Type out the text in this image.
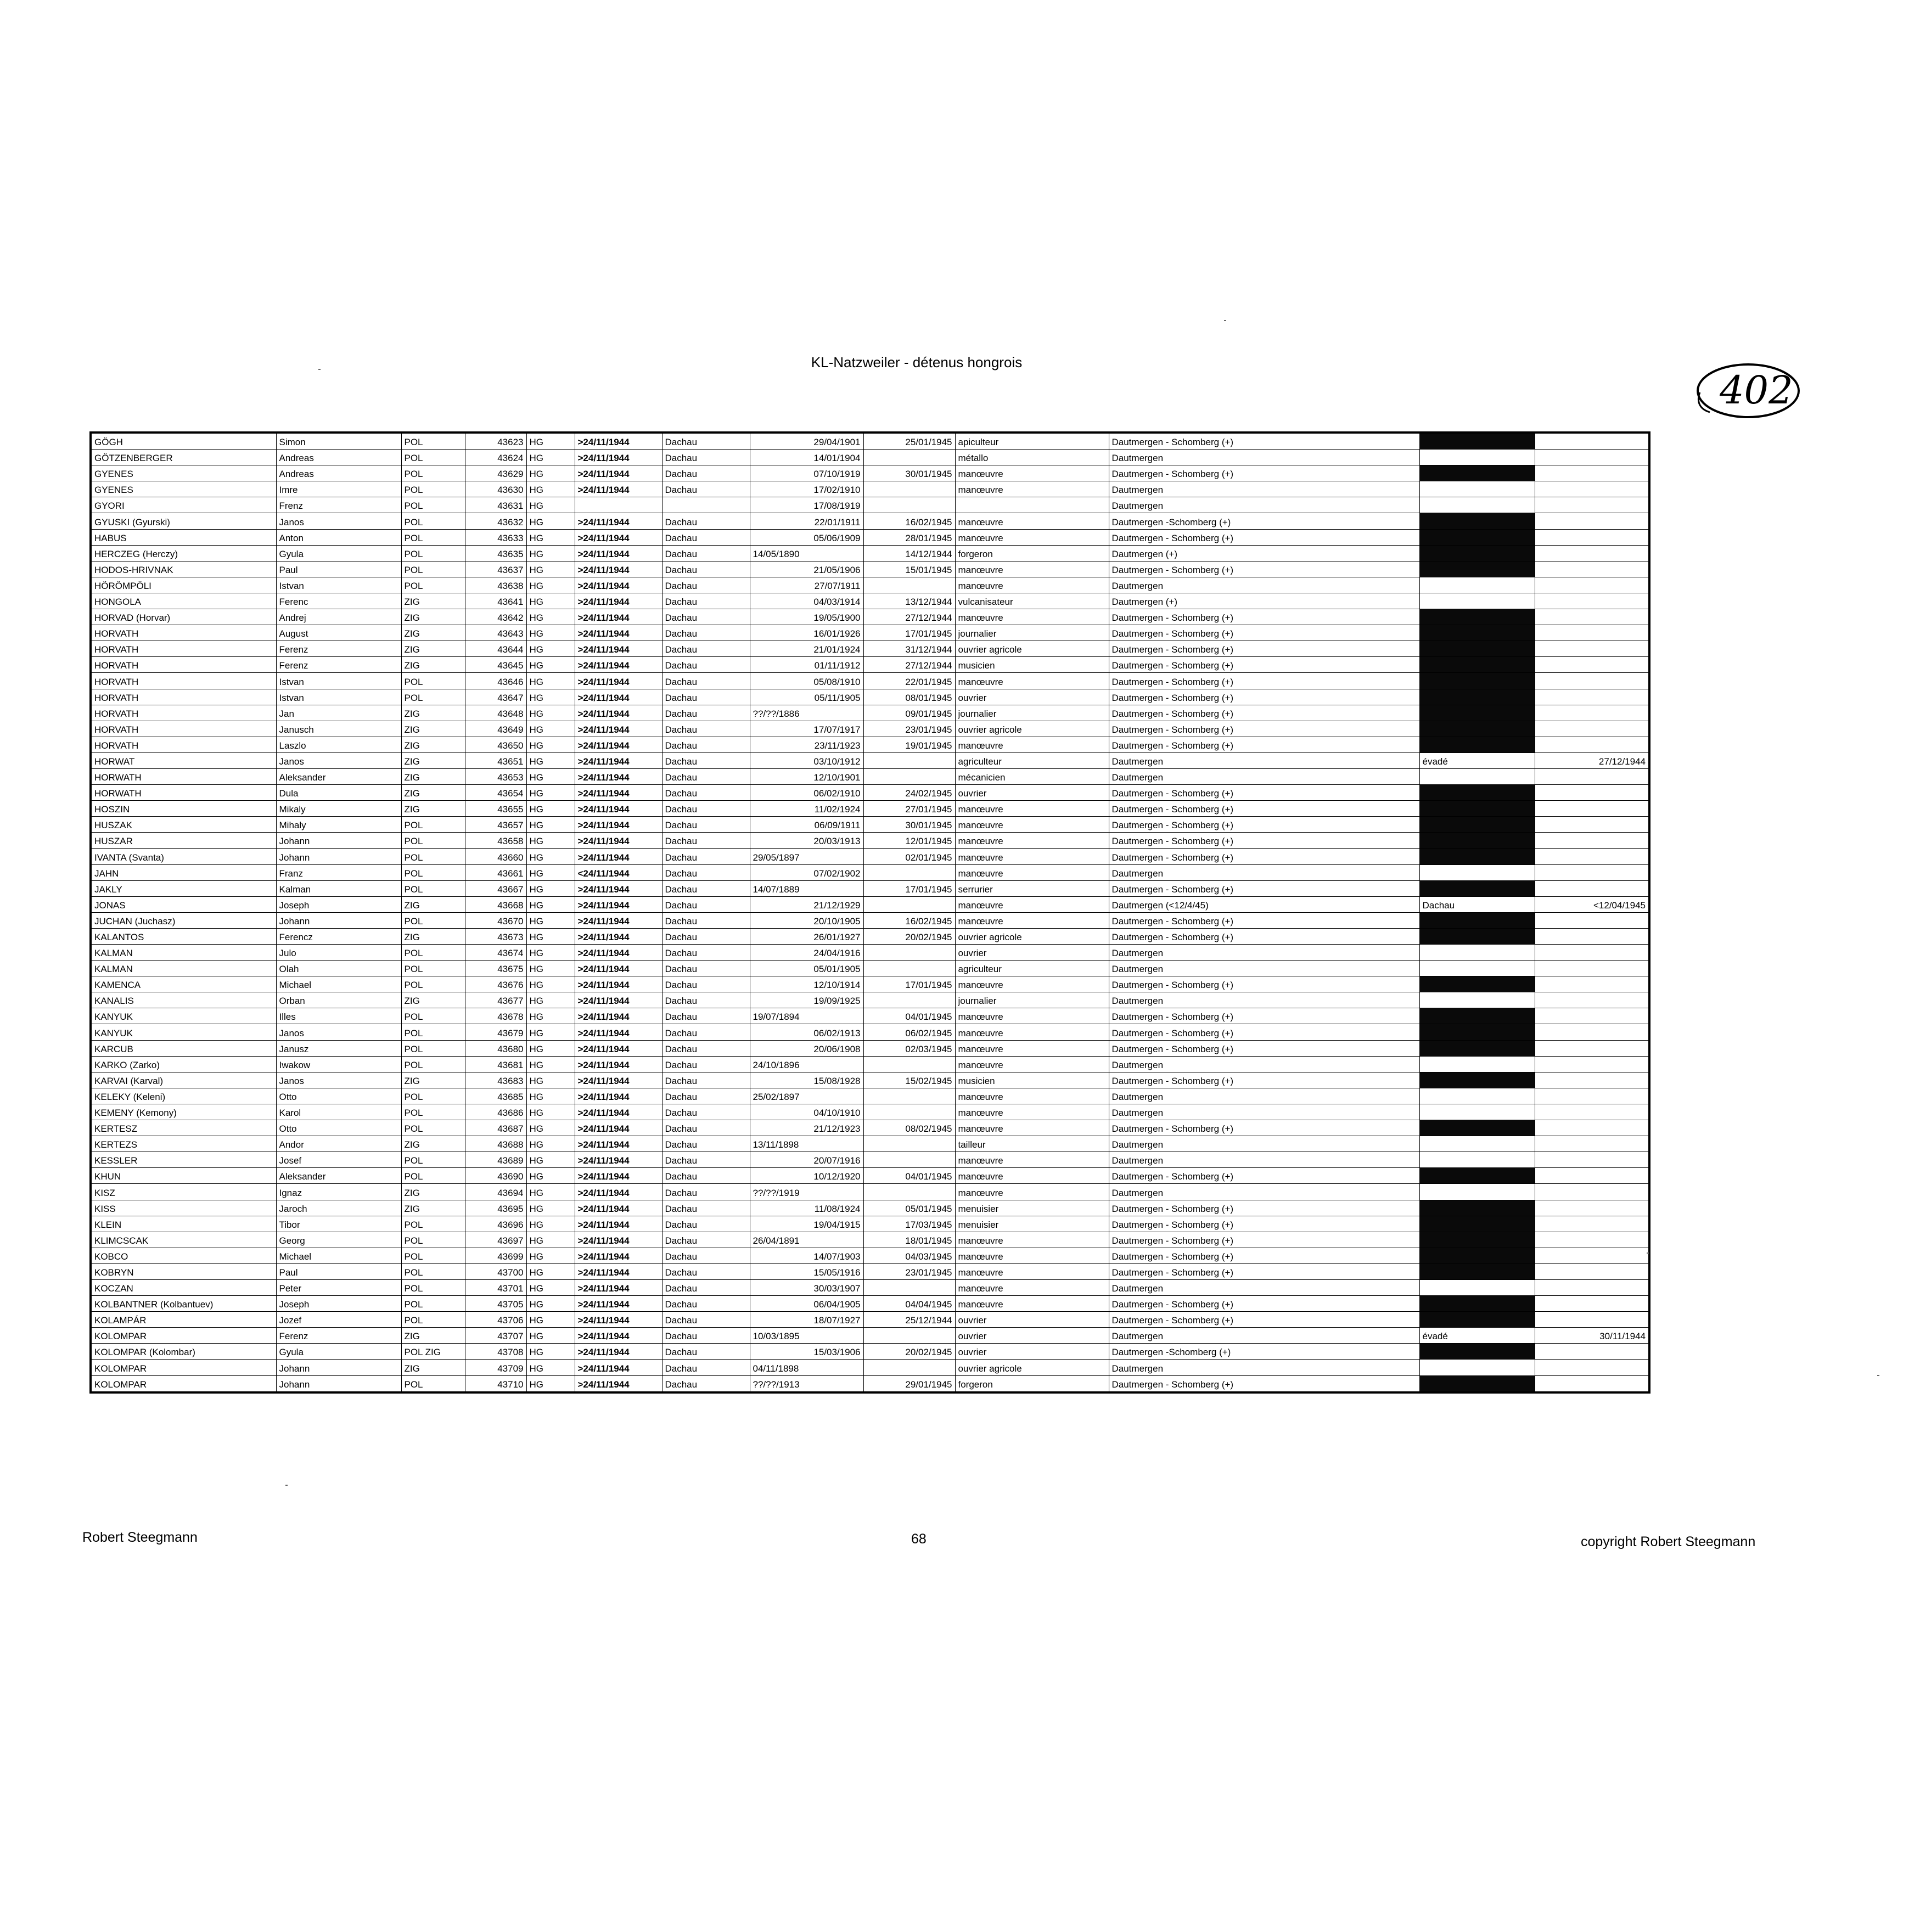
KL-Natzweiler - détenus hongrois
402
GÖGH	Simon	POL	43623	HG	>24/11/1944	Dachau	29/04/1901	25/01/1945	apiculteur	Dautmergen - Schomberg (+)		
GÖTZENBERGER	Andreas	POL	43624	HG	>24/11/1944	Dachau	14/01/1904		métallo	Dautmergen		
GYENES	Andreas	POL	43629	HG	>24/11/1944	Dachau	07/10/1919	30/01/1945	manœuvre	Dautmergen - Schomberg (+)		
GYENES	Imre	POL	43630	HG	>24/11/1944	Dachau	17/02/1910		manœuvre	Dautmergen		
GYORI	Frenz	POL	43631	HG			17/08/1919			Dautmergen		
GYUSKI (Gyurski)	Janos	POL	43632	HG	>24/11/1944	Dachau	22/01/1911	16/02/1945	manœuvre	Dautmergen -Schomberg (+)		
HABUS	Anton	POL	43633	HG	>24/11/1944	Dachau	05/06/1909	28/01/1945	manœuvre	Dautmergen - Schomberg (+)		
HERCZEG (Herczy)	Gyula	POL	43635	HG	>24/11/1944	Dachau	14/05/1890	14/12/1944	forgeron	Dautmergen (+)		
HODOS-HRIVNAK	Paul	POL	43637	HG	>24/11/1944	Dachau	21/05/1906	15/01/1945	manœuvre	Dautmergen - Schomberg (+)		
HÖRÖMPÖLI	Istvan	POL	43638	HG	>24/11/1944	Dachau	27/07/1911		manœuvre	Dautmergen		
HONGOLA	Ferenc	ZIG	43641	HG	>24/11/1944	Dachau	04/03/1914	13/12/1944	vulcanisateur	Dautmergen (+)		
HORVAD (Horvar)	Andrej	ZIG	43642	HG	>24/11/1944	Dachau	19/05/1900	27/12/1944	manœuvre	Dautmergen - Schomberg (+)		
HORVATH	August	ZIG	43643	HG	>24/11/1944	Dachau	16/01/1926	17/01/1945	journalier	Dautmergen - Schomberg (+)		
HORVATH	Ferenz	ZIG	43644	HG	>24/11/1944	Dachau	21/01/1924	31/12/1944	ouvrier agricole	Dautmergen - Schomberg (+)		
HORVATH	Ferenz	ZIG	43645	HG	>24/11/1944	Dachau	01/11/1912	27/12/1944	musicien	Dautmergen - Schomberg (+)		
HORVATH	Istvan	POL	43646	HG	>24/11/1944	Dachau	05/08/1910	22/01/1945	manœuvre	Dautmergen - Schomberg (+)		
HORVATH	Istvan	POL	43647	HG	>24/11/1944	Dachau	05/11/1905	08/01/1945	ouvrier	Dautmergen - Schomberg (+)		
HORVATH	Jan	ZIG	43648	HG	>24/11/1944	Dachau	??/??/1886	09/01/1945	journalier	Dautmergen - Schomberg (+)		
HORVATH	Janusch	ZIG	43649	HG	>24/11/1944	Dachau	17/07/1917	23/01/1945	ouvrier agricole	Dautmergen - Schomberg (+)		
HORVATH	Laszlo	ZIG	43650	HG	>24/11/1944	Dachau	23/11/1923	19/01/1945	manœuvre	Dautmergen - Schomberg (+)		
HORWAT	Janos	ZIG	43651	HG	>24/11/1944	Dachau	03/10/1912		agriculteur	Dautmergen	évadé	27/12/1944
HORWATH	Aleksander	ZIG	43653	HG	>24/11/1944	Dachau	12/10/1901		mécanicien	Dautmergen		
HORWATH	Dula	ZIG	43654	HG	>24/11/1944	Dachau	06/02/1910	24/02/1945	ouvrier	Dautmergen - Schomberg (+)		
HOSZIN	Mikaly	ZIG	43655	HG	>24/11/1944	Dachau	11/02/1924	27/01/1945	manœuvre	Dautmergen - Schomberg (+)		
HUSZAK	Mihaly	POL	43657	HG	>24/11/1944	Dachau	06/09/1911	30/01/1945	manœuvre	Dautmergen - Schomberg (+)		
HUSZAR	Johann	POL	43658	HG	>24/11/1944	Dachau	20/03/1913	12/01/1945	manœuvre	Dautmergen - Schomberg (+)		
IVANTA (Svanta)	Johann	POL	43660	HG	>24/11/1944	Dachau	29/05/1897	02/01/1945	manœuvre	Dautmergen - Schomberg (+)		
JAHN	Franz	POL	43661	HG	<24/11/1944	Dachau	07/02/1902		manœuvre	Dautmergen		
JAKLY	Kalman	POL	43667	HG	>24/11/1944	Dachau	14/07/1889	17/01/1945	serrurier	Dautmergen - Schomberg (+)		
JONAS	Joseph	ZIG	43668	HG	>24/11/1944	Dachau	21/12/1929		manœuvre	Dautmergen (<12/4/45)	Dachau	<12/04/1945
JUCHAN (Juchasz)	Johann	POL	43670	HG	>24/11/1944	Dachau	20/10/1905	16/02/1945	manœuvre	Dautmergen - Schomberg (+)		
KALANTOS	Ferencz	ZIG	43673	HG	>24/11/1944	Dachau	26/01/1927	20/02/1945	ouvrier agricole	Dautmergen - Schomberg (+)		
KALMAN	Julo	POL	43674	HG	>24/11/1944	Dachau	24/04/1916		ouvrier	Dautmergen		
KALMAN	Olah	POL	43675	HG	>24/11/1944	Dachau	05/01/1905		agriculteur	Dautmergen		
KAMENCA	Michael	POL	43676	HG	>24/11/1944	Dachau	12/10/1914	17/01/1945	manœuvre	Dautmergen - Schomberg (+)		
KANALIS	Orban	ZIG	43677	HG	>24/11/1944	Dachau	19/09/1925		journalier	Dautmergen		
KANYUK	Illes	POL	43678	HG	>24/11/1944	Dachau	19/07/1894	04/01/1945	manœuvre	Dautmergen - Schomberg (+)		
KANYUK	Janos	POL	43679	HG	>24/11/1944	Dachau	06/02/1913	06/02/1945	manœuvre	Dautmergen - Schomberg (+)		
KARCUB	Janusz	POL	43680	HG	>24/11/1944	Dachau	20/06/1908	02/03/1945	manœuvre	Dautmergen - Schomberg (+)		
KARKO (Zarko)	Iwakow	POL	43681	HG	>24/11/1944	Dachau	24/10/1896		manœuvre	Dautmergen		
KARVAI (Karval)	Janos	ZIG	43683	HG	>24/11/1944	Dachau	15/08/1928	15/02/1945	musicien	Dautmergen - Schomberg (+)		
KELEKY (Keleni)	Otto	POL	43685	HG	>24/11/1944	Dachau	25/02/1897		manœuvre	Dautmergen		
KEMENY (Kemony)	Karol	POL	43686	HG	>24/11/1944	Dachau	04/10/1910		manœuvre	Dautmergen		
KERTESZ	Otto	POL	43687	HG	>24/11/1944	Dachau	21/12/1923	08/02/1945	manœuvre	Dautmergen - Schomberg (+)		
KERTEZS	Andor	ZIG	43688	HG	>24/11/1944	Dachau	13/11/1898		tailleur	Dautmergen		
KESSLER	Josef	POL	43689	HG	>24/11/1944	Dachau	20/07/1916		manœuvre	Dautmergen		
KHUN	Aleksander	POL	43690	HG	>24/11/1944	Dachau	10/12/1920	04/01/1945	manœuvre	Dautmergen - Schomberg (+)		
KISZ	Ignaz	ZIG	43694	HG	>24/11/1944	Dachau	??/??/1919		manœuvre	Dautmergen		
KISS	Jaroch	ZIG	43695	HG	>24/11/1944	Dachau	11/08/1924	05/01/1945	menuisier	Dautmergen - Schomberg (+)		
KLEIN	Tibor	POL	43696	HG	>24/11/1944	Dachau	19/04/1915	17/03/1945	menuisier	Dautmergen - Schomberg (+)		
KLIMCSCAK	Georg	POL	43697	HG	>24/11/1944	Dachau	26/04/1891	18/01/1945	manœuvre	Dautmergen - Schomberg (+)		
KOBCO	Michael	POL	43699	HG	>24/11/1944	Dachau	14/07/1903	04/03/1945	manœuvre	Dautmergen - Schomberg (+)		
KOBRYN	Paul	POL	43700	HG	>24/11/1944	Dachau	15/05/1916	23/01/1945	manœuvre	Dautmergen - Schomberg (+)		
KOCZAN	Peter	POL	43701	HG	>24/11/1944	Dachau	30/03/1907		manœuvre	Dautmergen		
KOLBANTNER (Kolbantuev)	Joseph	POL	43705	HG	>24/11/1944	Dachau	06/04/1905	04/04/1945	manœuvre	Dautmergen - Schomberg (+)		
KOLAMPÁR	Jozef	POL	43706	HG	>24/11/1944	Dachau	18/07/1927	25/12/1944	ouvrier	Dautmergen - Schomberg (+)		
KOLOMPAR	Ferenz	ZIG	43707	HG	>24/11/1944	Dachau	10/03/1895		ouvrier	Dautmergen	évadé	30/11/1944
KOLOMPAR (Kolombar)	Gyula	POL ZIG	43708	HG	>24/11/1944	Dachau	15/03/1906	20/02/1945	ouvrier	Dautmergen -Schomberg (+)		
KOLOMPAR	Johann	ZIG	43709	HG	>24/11/1944	Dachau	04/11/1898		ouvrier agricole	Dautmergen		
KOLOMPAR	Johann	POL	43710	HG	>24/11/1944	Dachau	??/??/1913	29/01/1945	forgeron	Dautmergen - Schomberg (+)		
Robert Steegmann	68	copyright Robert Steegmann
